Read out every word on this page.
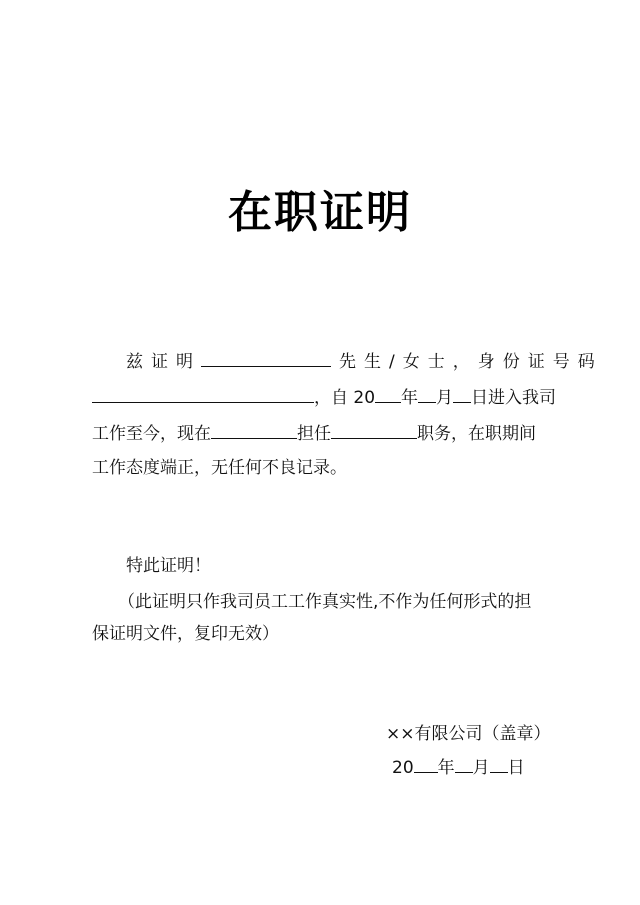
在职证明
兹证明	先生/女士，身份证号码
，自 20 年 月 日进入我司
工作至今，现在	担任	职务，在职期间
工作态度端正，无任何不良记录。
特此证明！
（此证明只作我司员工工作真实性,不作为任何形式的担
保证明文件，复印无效）
××有限公司（盖章）
20 年 月 日
